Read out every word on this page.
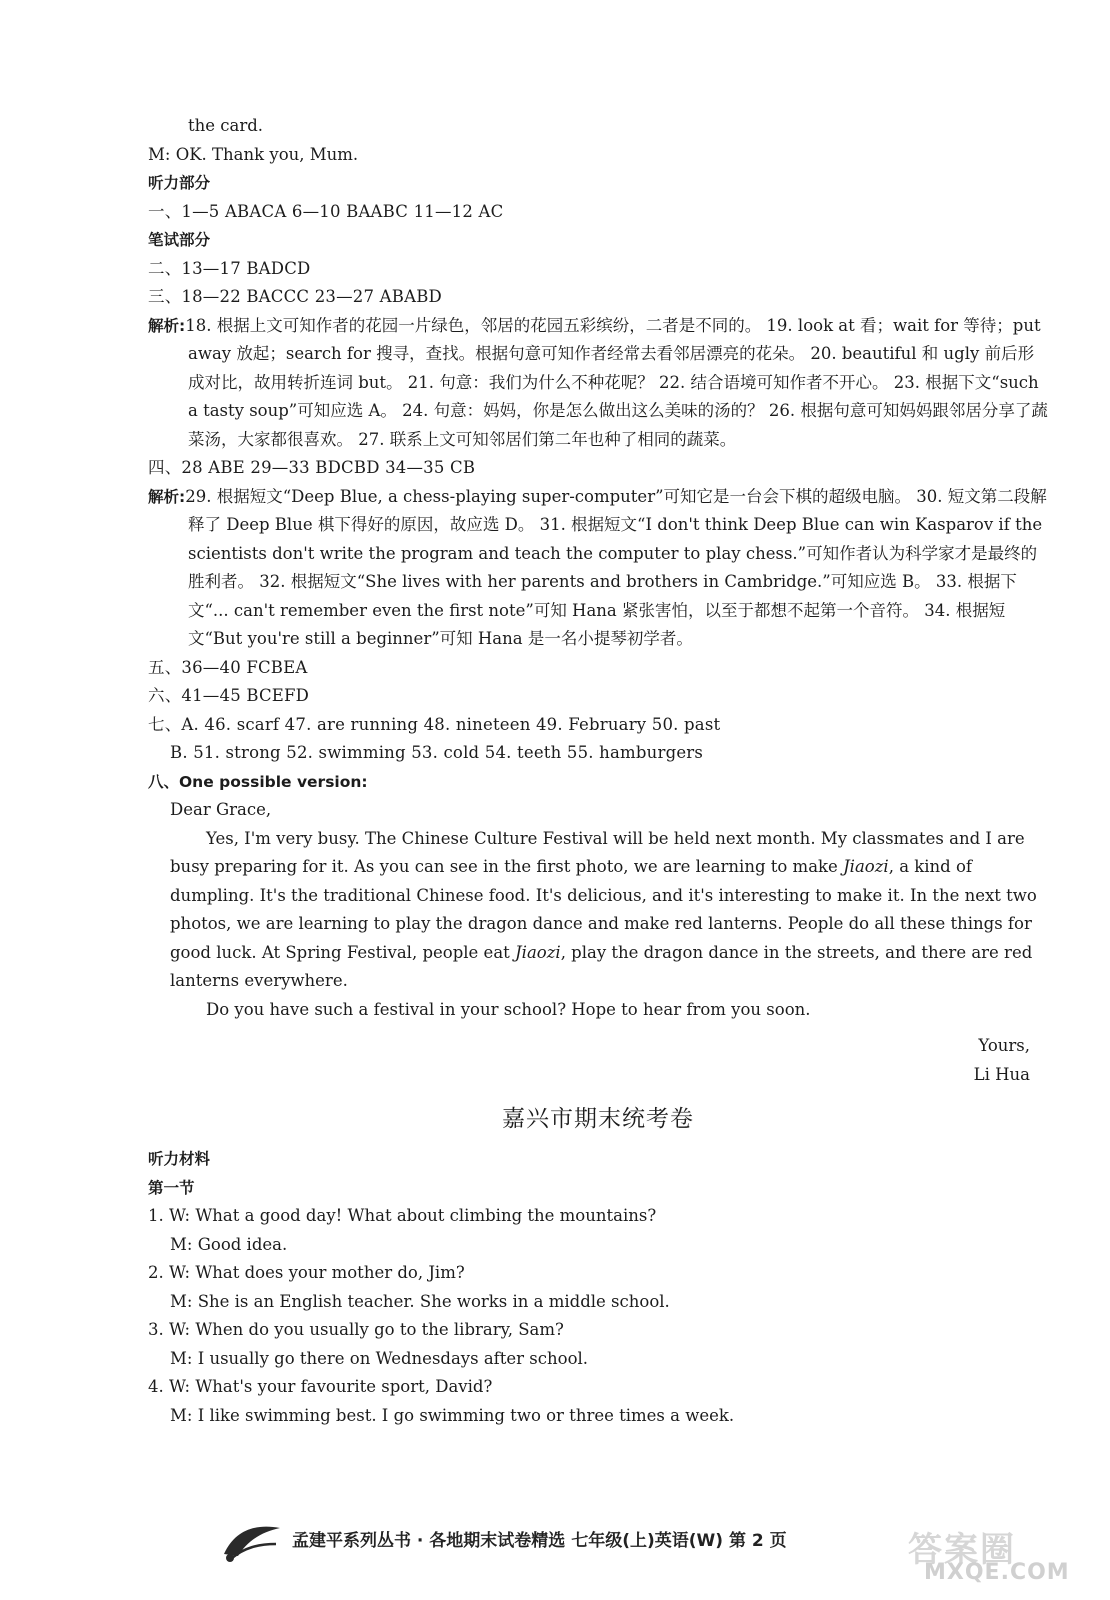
the card.
M: OK. Thank you, Mum.
听力部分
一、1—5 ABACA 6—10 BAABC 11—12 AC
笔试部分
二、13—17 BADCD
三、18—22 BACCC 23—27 ABABD
解析:18. 根据上文可知作者的花园一片绿色，邻居的花园五彩缤纷，二者是不同的。 19. look at 看；wait for 等待；put away 放起；search for 搜寻，查找。根据句意可知作者经常去看邻居漂亮的花朵。 20. beautiful 和 ugly 前后形成对比，故用转折连词 but。 21. 句意：我们为什么不种花呢？ 22. 结合语境可知作者不开心。 23. 根据下文“such a tasty soup”可知应选 A。 24. 句意：妈妈，你是怎么做出这么美味的汤的？ 26. 根据句意可知妈妈跟邻居分享了蔬菜汤，大家都很喜欢。 27. 联系上文可知邻居们第二年也种了相同的蔬菜。
四、28 ABE 29—33 BDCBD 34—35 CB
解析:29. 根据短文“Deep Blue, a chess-playing super-computer”可知它是一台会下棋的超级电脑。 30. 短文第二段解释了 Deep Blue 棋下得好的原因，故应选 D。 31. 根据短文“I don't think Deep Blue can win Kasparov if the scientists don't write the program and teach the computer to play chess.”可知作者认为科学家才是最终的胜利者。 32. 根据短文“She lives with her parents and brothers in Cambridge.”可知应选 B。 33. 根据下文“... can't remember even the first note”可知 Hana 紧张害怕，以至于都想不起第一个音符。 34. 根据短文“But you're still a beginner”可知 Hana 是一名小提琴初学者。
五、36—40 FCBEA
六、41—45 BCEFD
七、A. 46. scarf 47. are running 48. nineteen 49. February 50. past
B. 51. strong 52. swimming 53. cold 54. teeth 55. hamburgers
八、One possible version:

Dear Grace,

Yes, I'm very busy. The Chinese Culture Festival will be held next month. My classmates and I are busy preparing for it. As you can see in the first photo, we are learning to make Jiaozi, a kind of dumpling. It's the traditional Chinese food. It's delicious, and it's interesting to make it. In the next two photos, we are learning to play the dragon dance and make red lanterns. People do all these things for good luck. At Spring Festival, people eat Jiaozi, play the dragon dance in the streets, and there are red lanterns everywhere.

Do you have such a festival in your school? Hope to hear from you soon.

Yours,

Li Hua

嘉兴市期末统考卷
听力材料
第一节
1. W: What a good day! What about climbing the mountains?
M: Good idea.
2. W: What does your mother do, Jim?
M: She is an English teacher. She works in a middle school.
3. W: When do you usually go to the library, Sam?
M: I usually go there on Wednesdays after school.
4. W: What's your favourite sport, David?
M: I like swimming best. I go swimming two or three times a week.
孟建平系列丛书 · 各地期末试卷精选 七年级(上)英语(W) 第 2 页	答案圈
MXQE.COM
